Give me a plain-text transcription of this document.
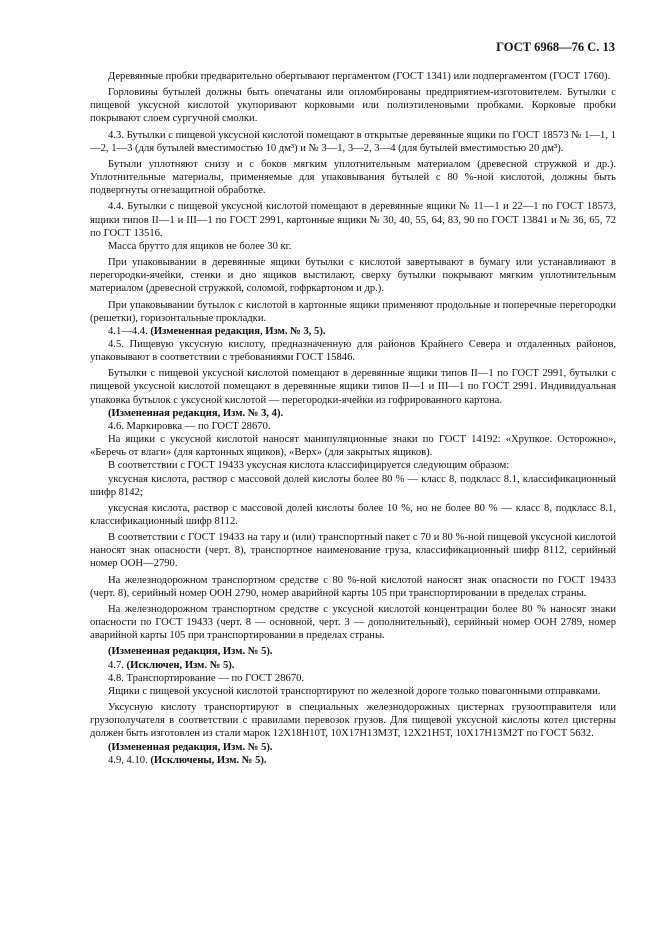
ГОСТ 6968—76 С. 13

Деревянные пробки предварительно обертывают пергаментом (ГОСТ 1341) или подпергаментом (ГОСТ 1760).

Горловины бутылей должны быть опечатаны или опломбированы предприятием-изготовителем. Бутылки с пищевой уксусной кислотой укупоривают корковыми или полиэтиленовыми пробками. Корковые пробки покрывают слоем сургучной смолки.

4.3. Бутылки с пищевой уксусной кислотой помещают в открытые деревянные ящики по ГОСТ 18573 № 1—1, 1—2, 1—3 (для бутылей вместимостью 10 дм³) и № 3—1, 3—2, 3—4 (для бутылей вместимостью 20 дм³).

Бутыли уплотняют снизу и с боков мягким уплотнительным материалом (древесной стружкой и др.). Уплотнительные материалы, применяемые для упаковывания бутылей с 80 %-ной кислотой, должны быть подвергнуты огнезащитной обработке.

4.4. Бутылки с пищевой уксусной кислотой помещают в деревянные ящики № 11—1 и 22—1 по ГОСТ 18573, ящики типов II—1 и III—1 по ГОСТ 2991, картонные ящики № 30, 40, 55, 64, 83, 90 по ГОСТ 13841 и № 36, 65, 72 по ГОСТ 13516.

Масса брутто для ящиков не более 30 кг.

При упаковывании в деревянные ящики бутылки с кислотой завертывают в бумагу или устанавливают в перегородки-ячейки, стенки и дно ящиков выстилают, сверху бутылки покрывают мягким уплотнительным материалом (древесной стружкой, соломой, гофркартоном и др.).

При упаковывании бутылок с кислотой в картонные ящики применяют продольные и поперечные перегородки (решетки), горизонтальные прокладки.

4.1—4.4. (Измененная редакция, Изм. № 3, 5).

4.5. Пищевую уксусную кислоту, предназначенную для районов Крайнего Севера и отдаленных районов, упаковывают в соответствии с требованиями ГОСТ 15846.

Бутылки с пищевой уксусной кислотой помещают в деревянные ящики типов II—1 по ГОСТ 2991, бутылки с пищевой уксусной кислотой помещают в деревянные ящики типов II—1 и III—1 по ГОСТ 2991. Индивидуальная упаковка бутылок с уксусной кислотой — перегородки-ячейки из гофрированного картона.

(Измененная редакция, Изм. № 3, 4).

4.6. Маркировка — по ГОСТ 28670.

На ящики с уксусной кислотой наносят манипуляционные знаки по ГОСТ 14192: «Хрупкое. Осторожно», «Беречь от влаги» (для картонных ящиков), «Верх» (для закрытых ящиков).

В соответствии с ГОСТ 19433 уксусная кислота классифицируется следующим образом:

уксусная кислота, раствор с массовой долей кислоты более 80 % — класс 8, подкласс 8.1, классификационный шифр 8142;

уксусная кислота, раствор с массовой долей кислоты более 10 %, но не более 80 % — класс 8, подкласс 8.1, классификационный шифр 8112.

В соответствии с ГОСТ 19433 на тару и (или) транспортный пакет с 70 и 80 %-ной пищевой уксусной кислотой наносят знак опасности (черт. 8), транспортное наименование груза, классификационный шифр 8112, серийный номер ООН—2790.

На железнодорожном транспортном средстве с 80 %-ной кислотой наносят знак опасности по ГОСТ 19433 (черт. 8), серийный номер ООН 2790, номер аварийной карты 105 при транспортировании в пределах страны.

На железнодорожном транспортном средстве с уксусной кислотой концентрации более 80 % наносят знаки опасности по ГОСТ 19433 (черт. 8 — основной, черт. 3 — дополнительный), серийный номер ООН 2789, номер аварийной карты 105 при транспортировании в пределах страны.

(Измененная редакция, Изм. № 5).

4.7. (Исключен, Изм. № 5).

4.8. Транспортирование — по ГОСТ 28670.

Ящики с пищевой уксусной кислотой транспортируют по железной дороге только повагонными отправками.

Уксусную кислоту транспортируют в специальных железнодорожных цистернах грузоотправителя или грузополучателя в соответствии с правилами перевозок грузов. Для пищевой уксусной кислоты котел цистерны должен быть изготовлен из стали марок 12Х18Н10Т, 10Х17Н13М3Т, 12Х21Н5Т, 10Х17Н13М2Т по ГОСТ 5632.

(Измененная редакция, Изм. № 5).

4.9, 4.10. (Исключены, Изм. № 5).
